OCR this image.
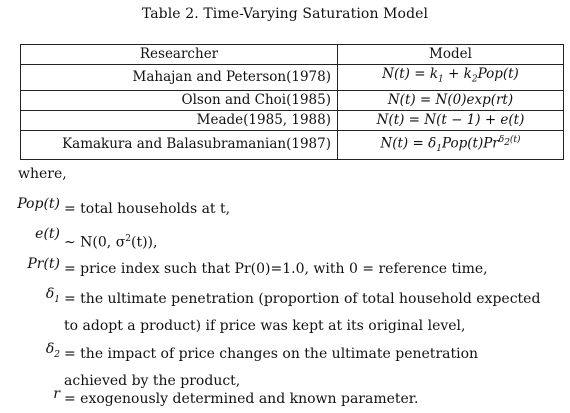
Table 2. Time-Varying Saturation Model
Researcher	Model
Mahajan and Peterson(1978)	$N(t) = k_1 + k_2Pop(t)$
Olson and Choi(1985)	N(t) = N(0)exp(rt)
Meade(1985, 1988)	N(t) = N(t − 1) + e(t)
Kamakura and Balasubramanian(1987)	$N(t) = \delta_1Pop(t)Pr^{\delta_2(t)}$
where,
Pop(t) = total households at t,
e(t)
∼ N(0, $\sigma^2(t)$),
Pr(t) = price index such that Pr(0)=1.0, with 0 = reference time,
$\delta_1$ = the ultimate penetration (proportion of total household expected to adopt a product) if price was kept at its original level,
$\delta_2$ = the impact of price changes on the ultimate penetration achieved by the product,
r = exogenously determined and known parameter.
